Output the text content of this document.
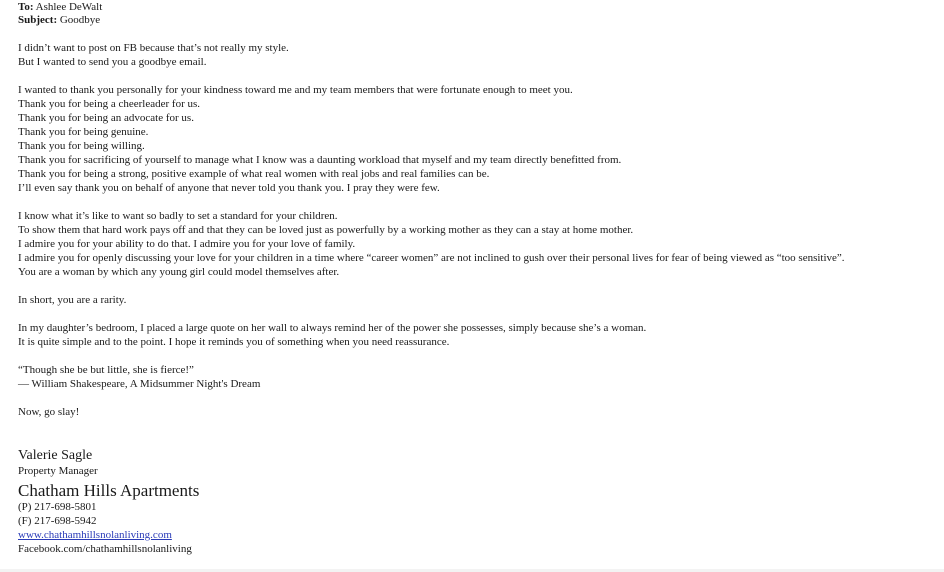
To: Ashlee DeWalt
Subject: Goodbye
I didn’t want to post on FB because that’s not really my style.
But I wanted to send you a goodbye email.
I wanted to thank you personally for your kindness toward me and my team members that were fortunate enough to meet you.
Thank you for being a cheerleader for us.
Thank you for being an advocate for us.
Thank you for being genuine.
Thank you for being willing.
Thank you for sacrificing of yourself to manage what I know was a daunting workload that myself and my team directly benefitted from.
Thank you for being a strong, positive example of what real women with real jobs and real families can be.
I’ll even say thank you on behalf of anyone that never told you thank you. I pray they were few.
I know what it’s like to want so badly to set a standard for your children.
To show them that hard work pays off and that they can be loved just as powerfully by a working mother as they can a stay at home mother.
I admire you for your ability to do that. I admire you for your love of family.
I admire you for openly discussing your love for your children in a time where “career women” are not inclined to gush over their personal lives for fear of being viewed as “too sensitive”.
You are a woman by which any young girl could model themselves after.
In short, you are a rarity.
In my daughter’s bedroom, I placed a large quote on her wall to always remind her of the power she possesses, simply because she’s a woman.
It is quite simple and to the point. I hope it reminds you of something when you need reassurance.
“Though she be but little, she is fierce!”
— William Shakespeare, A Midsummer Night's Dream
Now, go slay!
Valerie Sagle
Property Manager
Chatham Hills Apartments
(P) 217-698-5801
(F) 217-698-5942
www.chathamhillsnolanliving.com
Facebook.com/chathamhillsnolanliving
